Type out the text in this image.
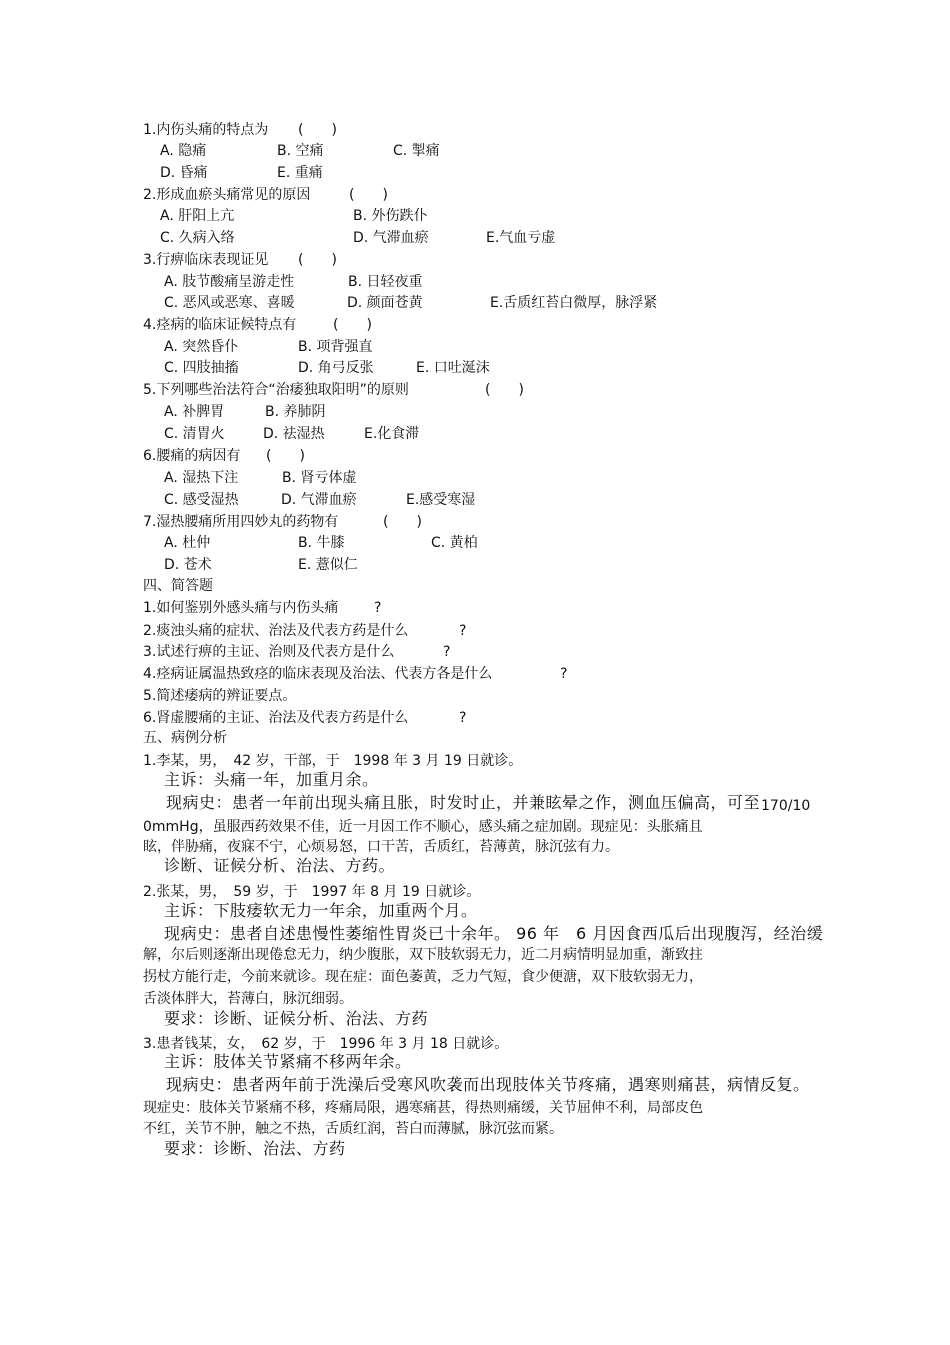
1.内伤头痛的特点为 (　　)
A. 隐痛	B. 空痛	C. 掣痛
D. 昏痛	E. 重痛
2.形成血瘀头痛常见的原因	(　　)
A. 肝阳上亢	B. 外伤跌仆
C. 久病入络	D. 气滞血瘀	E.气血亏虚
3.行痹临床表现证见 (　　)
A. 肢节酸痛呈游走性	B. 日轻夜重
C. 恶风或恶寒、喜暖	D. 颜面苍黄	E.舌质红苔白微厚，脉浮紧
4.痉病的临床证候特点有	(　　)
A. 突然昏仆	B. 项背强直
C. 四肢抽搐	D. 角弓反张	E. 口吐涎沫
5.下列哪些治法符合“治痿独取阳明”的原则	(　　)
A. 补脾胃	B. 养肺阴
C. 清胃火	D. 祛湿热	E.化食滞
6.腰痛的病因有 (　　)
A. 湿热下注	B. 肾亏体虚
C. 感受湿热	D. 气滞血瘀	E.感受寒湿
7.湿热腰痛所用四妙丸的药物有	(　　)
A. 杜仲	B. 牛膝	C. 黄柏
D. 苍术	E. 薏似仁
四、简答题
1.如何鉴别外感头痛与内伤头痛	?
2.痰浊头痛的症状、治法及代表方药是什么	?
3.试述行痹的主证、治则及代表方是什么	?
4.痉病证属温热致痉的临床表现及治法、代表方各是什么	?
5.简述痿病的辨证要点。
6.肾虚腰痛的主证、治法及代表方药是什么	?
五、病例分析
1.李某，男，　42 岁，干部，于　1998 年 3 月 19 日就诊。
主诉：头痛一年，加重月余。
现病史：患者一年前出现头痛且胀，时发时止，并兼眩晕之作，测血压偏高，可至 170/10
0mmHg，虽服西药效果不佳，近一月因工作不顺心，感头痛之症加剧。现症见：头胀痛且
眩，伴胁痛，夜寐不宁，心烦易怒，口干苦，舌质红，苔薄黄，脉沉弦有力。
诊断、证候分析、治法、方药。
2.张某，男，　59 岁，于　1997 年 8 月 19 日就诊。
主诉：下肢痿软无力一年余，加重两个月。
现病史：患者自述患慢性萎缩性胃炎已十余年。 96 年　6 月因食西瓜后出现腹泻，经治缓
解，尔后则逐渐出现倦怠无力，纳少腹胀，双下肢软弱无力，近二月病情明显加重，渐致拄
拐杖方能行走，今前来就诊。现在症：面色萎黄，乏力气短，食少便溏，双下肢软弱无力，
舌淡体胖大，苔薄白，脉沉细弱。
要求：诊断、证候分析、治法、方药
3.患者钱某，女，　62 岁，于　1996 年 3 月 18 日就诊。
主诉：肢体关节紧痛不移两年余。
现病史：患者两年前于洗澡后受寒风吹袭而出现肢体关节疼痛，遇寒则痛甚，病情反复。
现症史：肢体关节紧痛不移，疼痛局限，遇寒痛甚，得热则痛缓，关节屈伸不利，局部皮色
不红，关节不肿，触之不热，舌质红润，苔白而薄腻，脉沉弦而紧。
要求：诊断、治法、方药
